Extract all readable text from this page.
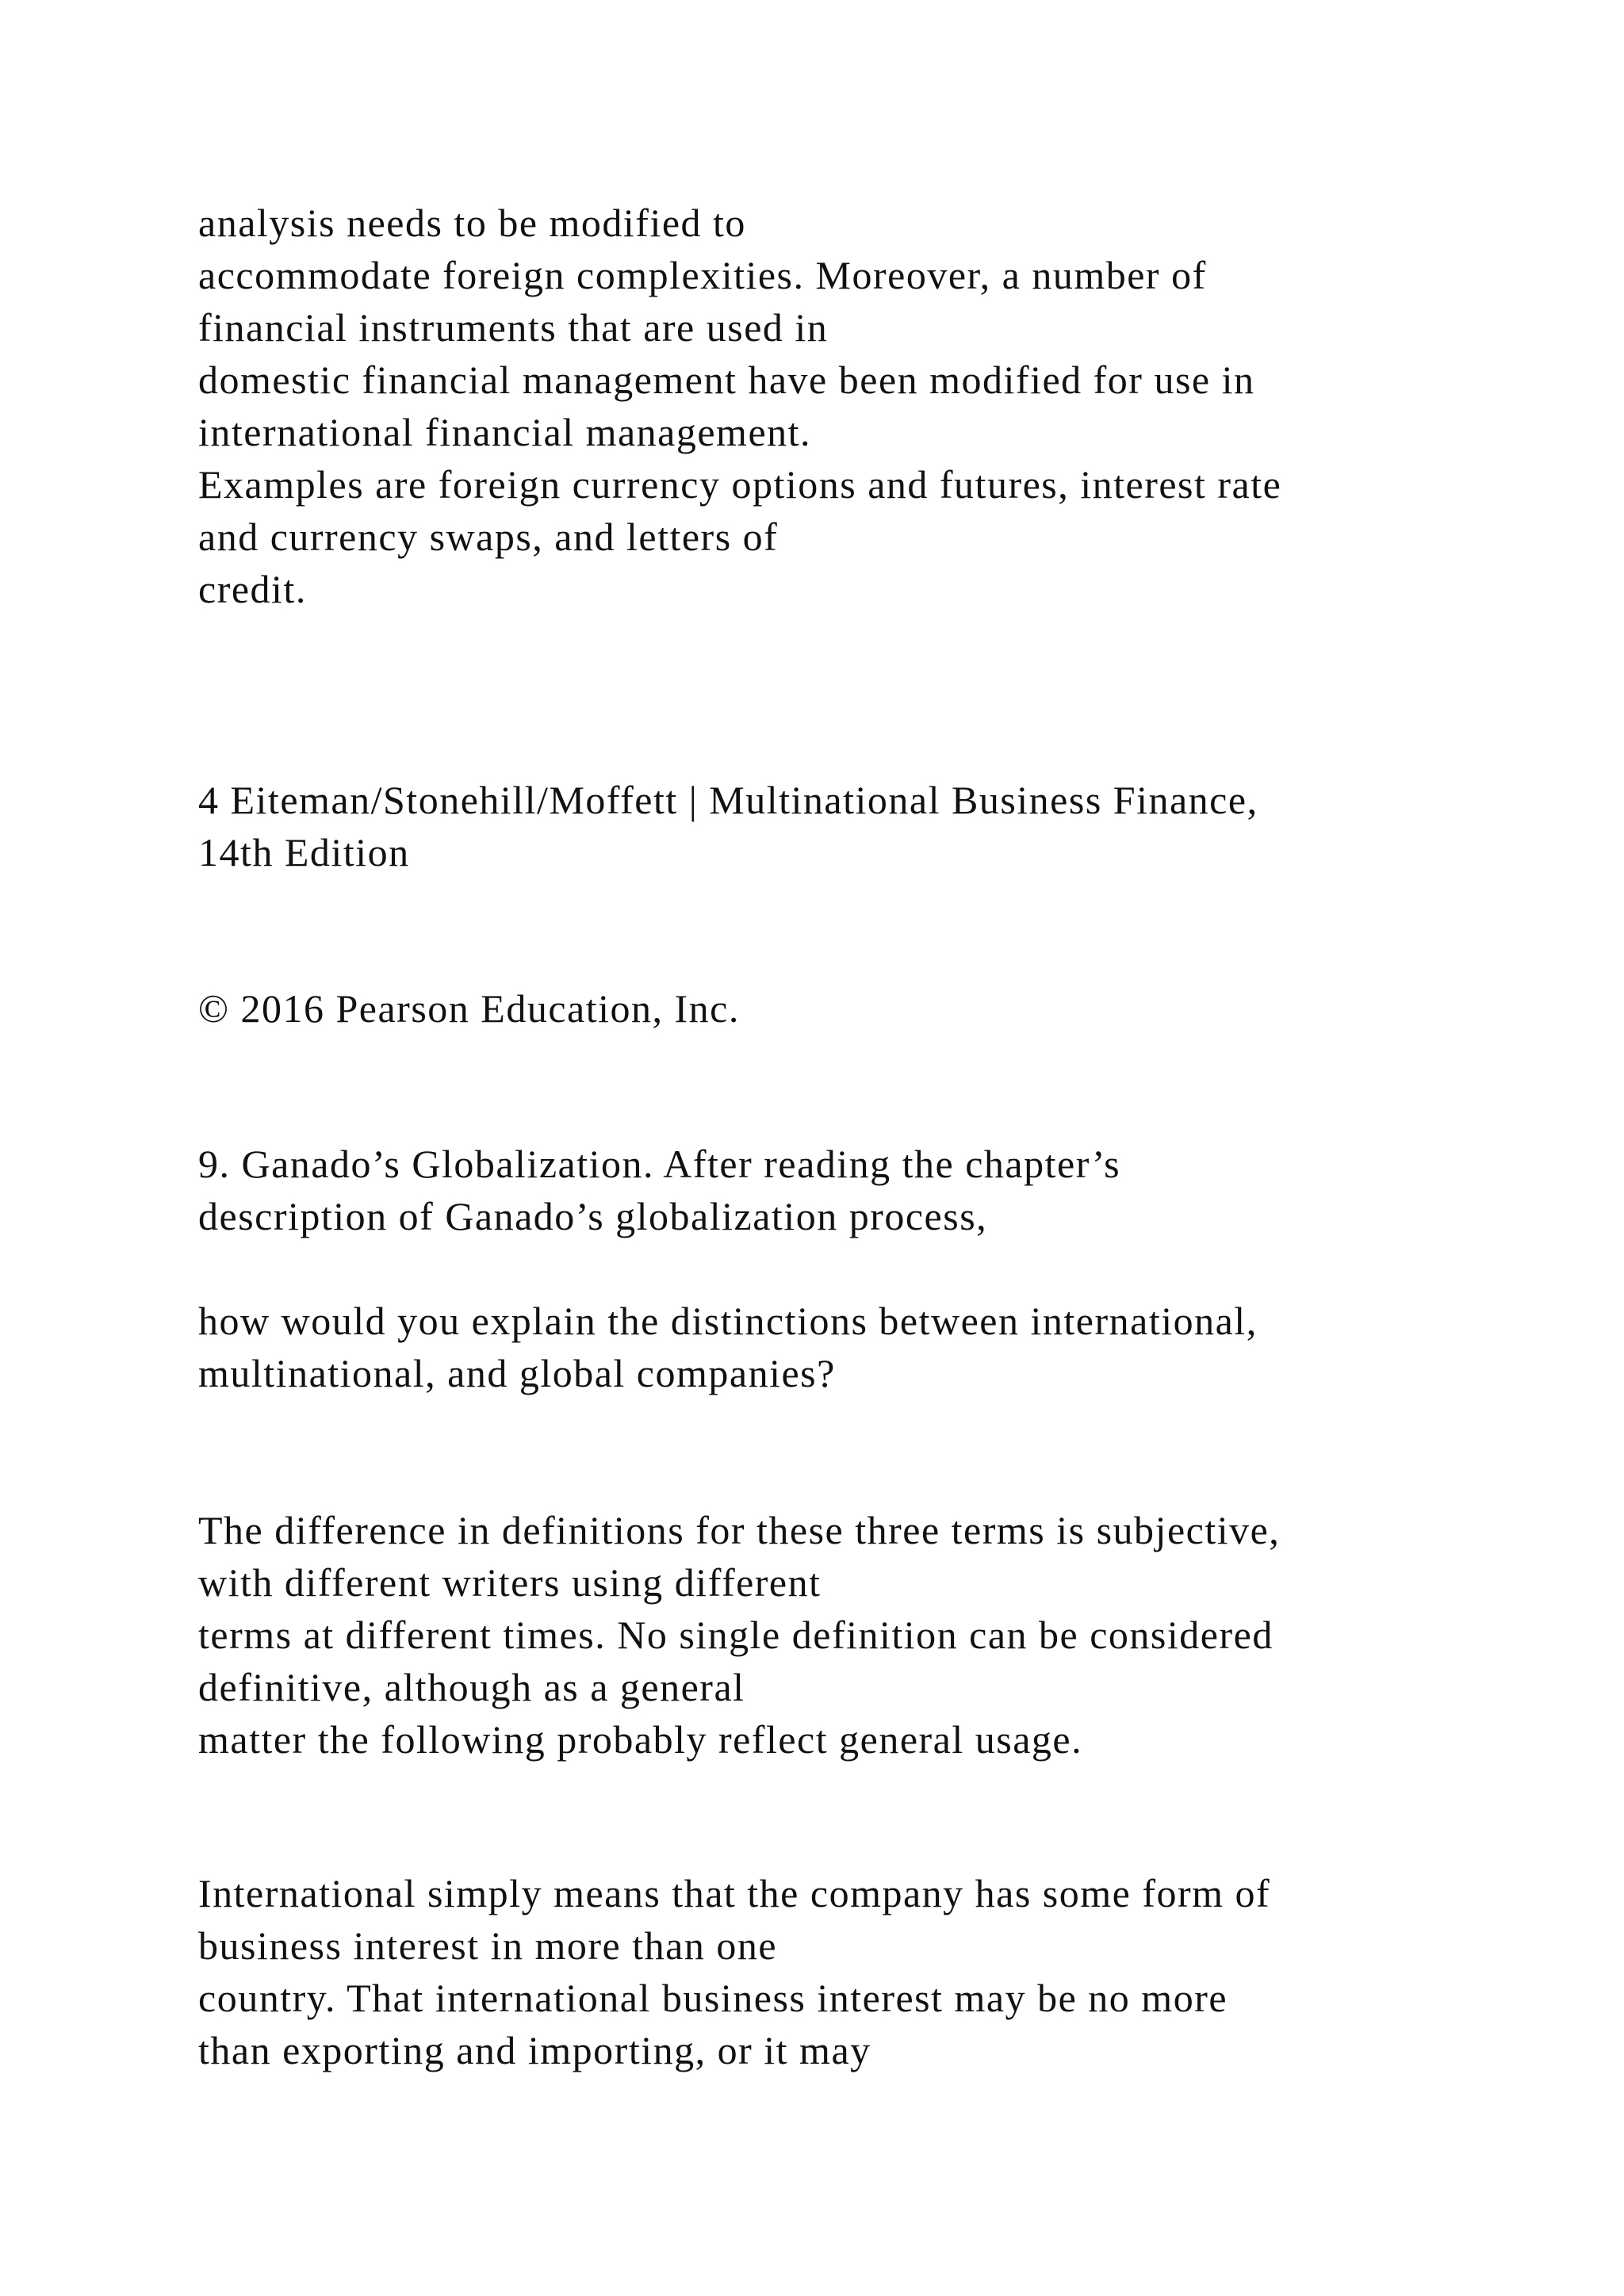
analysis needs to be modified to
accommodate foreign complexities. Moreover, a number of
financial instruments that are used in
domestic financial management have been modified for use in
international financial management.
Examples are foreign currency options and futures, interest rate
and currency swaps, and letters of
credit.

4 Eiteman/Stonehill/Moffett | Multinational Business Finance,
14th Edition

© 2016 Pearson Education, Inc.

9. Ganado’s Globalization. After reading the chapter’s
description of Ganado’s globalization process,

how would you explain the distinctions between international,
multinational, and global companies?

The difference in definitions for these three terms is subjective,
with different writers using different
terms at different times. No single definition can be considered
definitive, although as a general
matter the following probably reflect general usage.

International simply means that the company has some form of
business interest in more than one
country. That international business interest may be no more
than exporting and importing, or it may
